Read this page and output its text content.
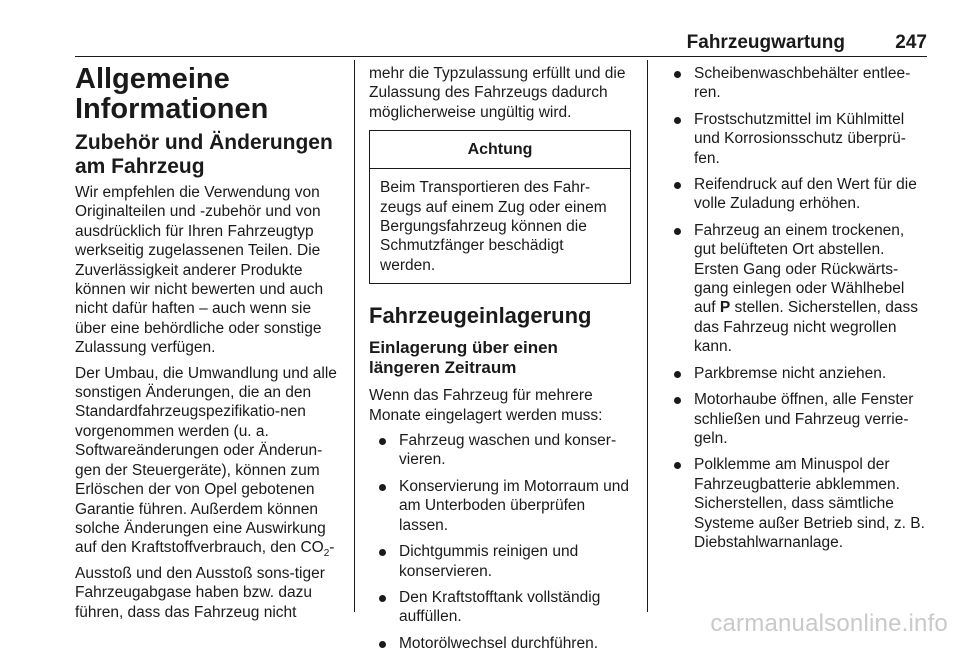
Fahrzeugwartung	247
Allgemeine Informationen
Zubehör und Änderungen am Fahrzeug

Wir empfehlen die Verwendung von Originalteilen und -zubehör und von ausdrücklich für Ihren Fahrzeugtyp werkseitig zugelassenen Teilen. Die Zuverlässigkeit anderer Produkte können wir nicht bewerten und auch nicht dafür haften – auch wenn sie über eine behördliche oder sonstige Zulassung verfügen.

Der Umbau, die Umwandlung und alle sonstigen Änderungen, die an den Standardfahrzeugspezifikatio-nen vorgenommen werden (u. a. Softwareänderungen oder Änderun-gen der Steuergeräte), können zum Erlöschen der von Opel gebotenen Garantie führen. Außerdem können solche Änderungen eine Auswirkung auf den Kraftstoffverbrauch, den $CO_2$-Ausstoß und den Ausstoß sons-tiger Fahrzeugabgase haben bzw. dazu führen, dass das Fahrzeug nicht

mehr die Typzulassung erfüllt und die Zulassung des Fahrzeugs dadurch möglicherweise ungültig wird.

Achtung
Beim Transportieren des Fahr-zeugs auf einem Zug oder einem Bergungsfahrzeug können die Schmutzfänger beschädigt werden.
Fahrzeugeinlagerung
Einlagerung über einen längeren Zeitraum

Wenn das Fahrzeug für mehrere Monate eingelagert werden muss:

Fahrzeug waschen und konser-vieren.
Konservierung im Motorraum und am Unterboden überprüfen lassen.
Dichtgummis reinigen und konservieren.
Den Kraftstofftank vollständig auffüllen.
Motorölwechsel durchführen.
Scheibenwaschbehälter entlee-ren.
Frostschutzmittel im Kühlmittel und Korrosionsschutz überprü-fen.
Reifendruck auf den Wert für die volle Zuladung erhöhen.
Fahrzeug an einem trockenen, gut belüfteten Ort abstellen. Ersten Gang oder Rückwärts-gang einlegen oder Wählhebel auf P stellen. Sicherstellen, dass das Fahrzeug nicht wegrollen kann.
Parkbremse nicht anziehen.
Motorhaube öffnen, alle Fenster schließen und Fahrzeug verrie-geln.
Polklemme am Minuspol der Fahrzeugbatterie abklemmen. Sicherstellen, dass sämtliche Systeme außer Betrieb sind, z. B. Diebstahlwarnanlage.
carmanualsonline.info
